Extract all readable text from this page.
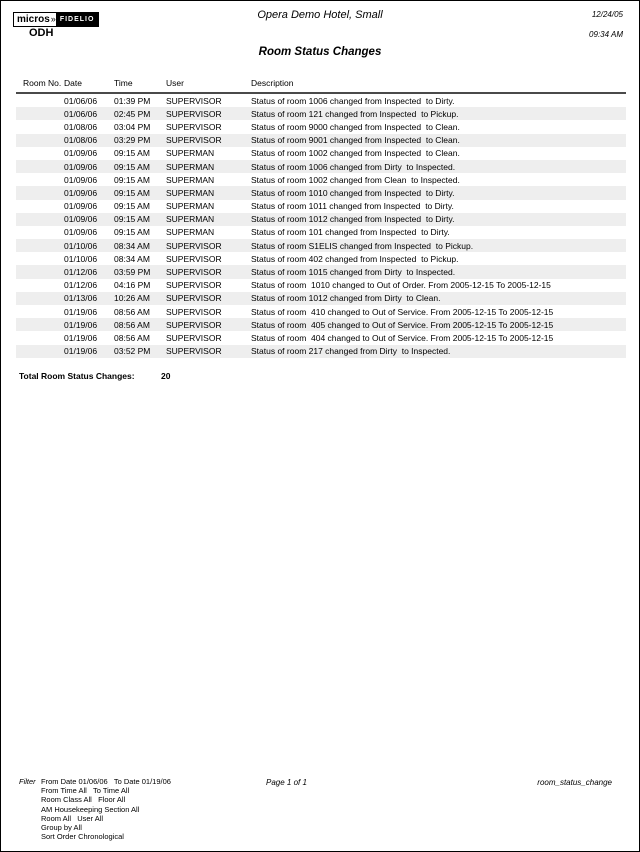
micros » FIDELIO	Opera Demo Hotel, Small	12/24/05
ODH	09:34 AM
Room Status Changes
Room No. Date	Time	User	Description
01/06/06	01:39 PM	SUPERVISOR	Status of room 1006 changed from Inspected  to Dirty.
01/06/06	02:45 PM	SUPERVISOR	Status of room 121 changed from Inspected  to Pickup.
01/08/06	03:04 PM	SUPERVISOR	Status of room 9000 changed from Inspected  to Clean.
01/08/06	03:29 PM	SUPERVISOR	Status of room 9001 changed from Inspected  to Clean.
01/09/06	09:15 AM	SUPERMAN	Status of room 1002 changed from Inspected  to Clean.
01/09/06	09:15 AM	SUPERMAN	Status of room 1006 changed from Dirty  to Inspected.
01/09/06	09:15 AM	SUPERMAN	Status of room 1002 changed from Clean  to Inspected.
01/09/06	09:15 AM	SUPERMAN	Status of room 1010 changed from Inspected  to Dirty.
01/09/06	09:15 AM	SUPERMAN	Status of room 1011 changed from Inspected  to Dirty.
01/09/06	09:15 AM	SUPERMAN	Status of room 1012 changed from Inspected  to Dirty.
01/09/06	09:15 AM	SUPERMAN	Status of room 101 changed from Inspected  to Dirty.
01/10/06	08:34 AM	SUPERVISOR	Status of room S1ELIS changed from Inspected  to Pickup.
01/10/06	08:34 AM	SUPERVISOR	Status of room 402 changed from Inspected  to Pickup.
01/12/06	03:59 PM	SUPERVISOR	Status of room 1015 changed from Dirty  to Inspected.
01/12/06	04:16 PM	SUPERVISOR	Status of room  1010 changed to Out of Order. From 2005-12-15 To 2005-12-15
01/13/06	10:26 AM	SUPERVISOR	Status of room 1012 changed from Dirty  to Clean.
01/19/06	08:56 AM	SUPERVISOR	Status of room  410 changed to Out of Service. From 2005-12-15 To 2005-12-15
01/19/06	08:56 AM	SUPERVISOR	Status of room  405 changed to Out of Service. From 2005-12-15 To 2005-12-15
01/19/06	08:56 AM	SUPERVISOR	Status of room  404 changed to Out of Service. From 2005-12-15 To 2005-12-15
01/19/06	03:52 PM	SUPERVISOR	Status of room 217 changed from Dirty  to Inspected.
Total Room Status Changes:	20
Filter From Date 01/06/06   To Date 01/19/06
From Time All   To Time All
Room Class All   Floor All
AM Housekeeping Section All
Room All   User All
Group by All
Sort Order Chronological
Page 1 of 1	room_status_change
